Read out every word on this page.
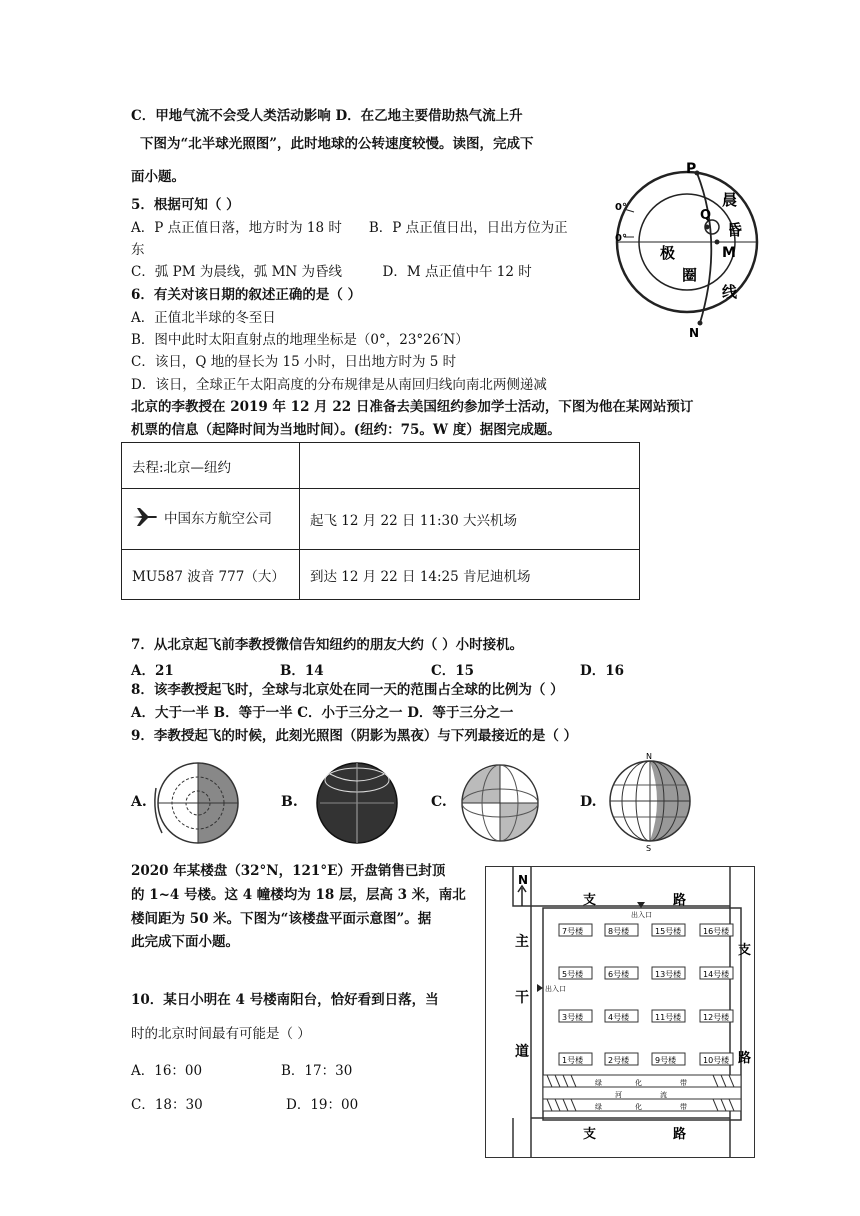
C．甲地气流不会受人类活动影响 D．在乙地主要借助热气流上升
下图为“北半球光照图”，此时地球的公转速度较慢。读图，完成下
面小题。
5．根据可知（ ）
A．P 点正值日落，地方时为 18 时　　B．P 点正值日出，日出方位为正
东
C．弧 PM 为晨线，弧 MN 为昏线　　　D．M 点正值中午 12 时
6．有关对该日期的叙述正确的是（ ）
A．正值北半球的冬至日
B．图中此时太阳直射点的地理坐标是（0°，23°26′N）
C．该日，Q 地的昼长为 15 小时，日出地方时为 5 时
D．该日，全球正午太阳高度的分布规律是从南回归线向南北两侧递减
北京的李教授在 2019 年 12 月 22 日准备去美国纽约参加学士活动，下图为他在某网站预订
机票的信息（起降时间为当地时间）。(纽约：75。W 度）据图完成题。
P
Q
M
N
0°
0°
晨
昏
线
极
圈
去程:北京—纽约	
中国东方航空公司	起飞 12 月 22 日 11:30 大兴机场
MU587 波音 777（大）	到达 12 月 22 日 14:25 肯尼迪机场
7．从北京起飞前李教授微信告知纽约的朋友大约（ ）小时接机。
A．21	B．14	C．15	D．16
8．该李教授起飞时，全球与北京处在同一天的范围占全球的比例为（ ）
A．大于一半 B．等于一半 C．小于三分之一 D．等于三分之一
9．李教授起飞的时候，此刻光照图（阴影为黑夜）与下列最接近的是（ ）
A.	B.	C.	D.
N
S
2020 年某楼盘（32°N，121°E）开盘销售已封顶
的 1~4 号楼。这 4 幢楼均为 18 层，层高 3 米，南北
楼间距为 50 米。下图为“该楼盘平面示意图”。据
此完成下面小题。
10．某日小明在 4 号楼南阳台，恰好看到日落，当
时的北京时间最有可能是（ ）
A．16：00	B．17：30
C．18：30	D．19：00
N
支	路
支	路
支
路
主
干
道
出入口
出入口
绿	化	带
河	流
绿	化	带
7号楼	8号楼	15号楼	16号楼
5号楼	6号楼	13号楼	14号楼
3号楼	4号楼	11号楼	12号楼
1号楼	2号楼	9号楼	10号楼
